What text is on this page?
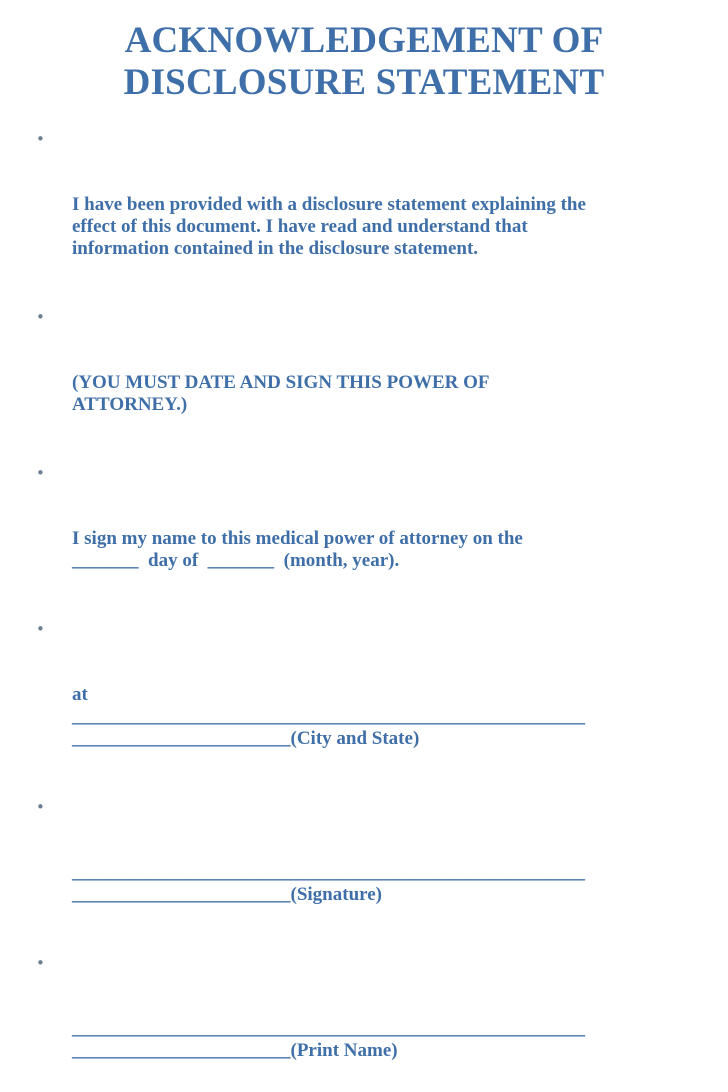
ACKNOWLEDGEMENT OF
DISCLOSURE STATEMENT

•

I have been provided with a disclosure statement explaining the
effect of this document. I have read and understand that
information contained in the disclosure statement.

•

(YOU MUST DATE AND SIGN THIS POWER OF
ATTORNEY.)

•

I sign my name to this medical power of attorney on the
_______  day of  _______  (month, year).

•

at
______________________________________________________
_______________________(City and State)

•

______________________________________________________
_______________________(Signature)

•

______________________________________________________
_______________________(Print Name)
